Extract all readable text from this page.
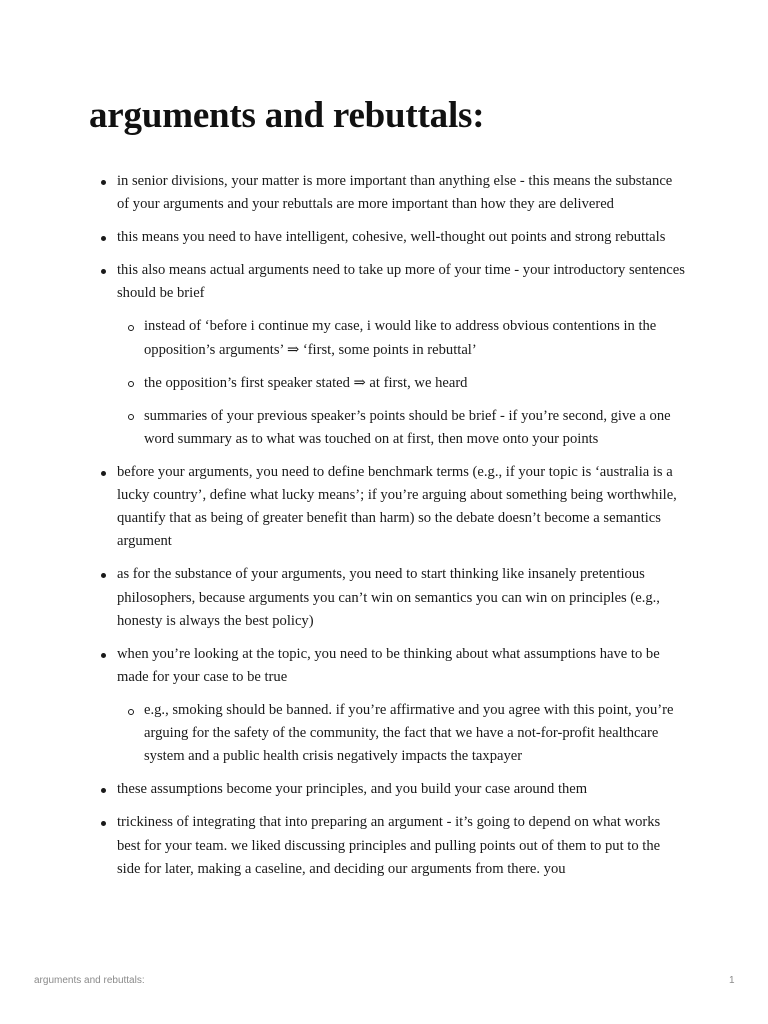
arguments and rebuttals:
in senior divisions, your matter is more important than anything else - this means the substance of your arguments and your rebuttals are more important than how they are delivered
this means you need to have intelligent, cohesive, well-thought out points and strong rebuttals
this also means actual arguments need to take up more of your time - your introductory sentences should be brief
instead of ‘before i continue my case, i would like to address obvious contentions in the opposition’s arguments’ ⇒ ‘first, some points in rebuttal’
the opposition’s first speaker stated ⇒ at first, we heard
summaries of your previous speaker’s points should be brief - if you’re second, give a one word summary as to what was touched on at first, then move onto your points
before your arguments, you need to define benchmark terms (e.g., if your topic is ‘australia is a lucky country’, define what lucky means’; if you’re arguing about something being worthwhile, quantify that as being of greater benefit than harm) so the debate doesn’t become a semantics argument
as for the substance of your arguments, you need to start thinking like insanely pretentious philosophers, because arguments you can’t win on semantics you can win on principles (e.g., honesty is always the best policy)
when you’re looking at the topic, you need to be thinking about what assumptions have to be made for your case to be true
e.g., smoking should be banned. if you’re affirmative and you agree with this point, you’re arguing for the safety of the community, the fact that we have a not-for-profit healthcare system and a public health crisis negatively impacts the taxpayer
these assumptions become your principles, and you build your case around them
trickiness of integrating that into preparing an argument - it’s going to depend on what works best for your team. we liked discussing principles and pulling points out of them to put to the side for later, making a caseline, and deciding our arguments from there. you
arguments and rebuttals:	1
